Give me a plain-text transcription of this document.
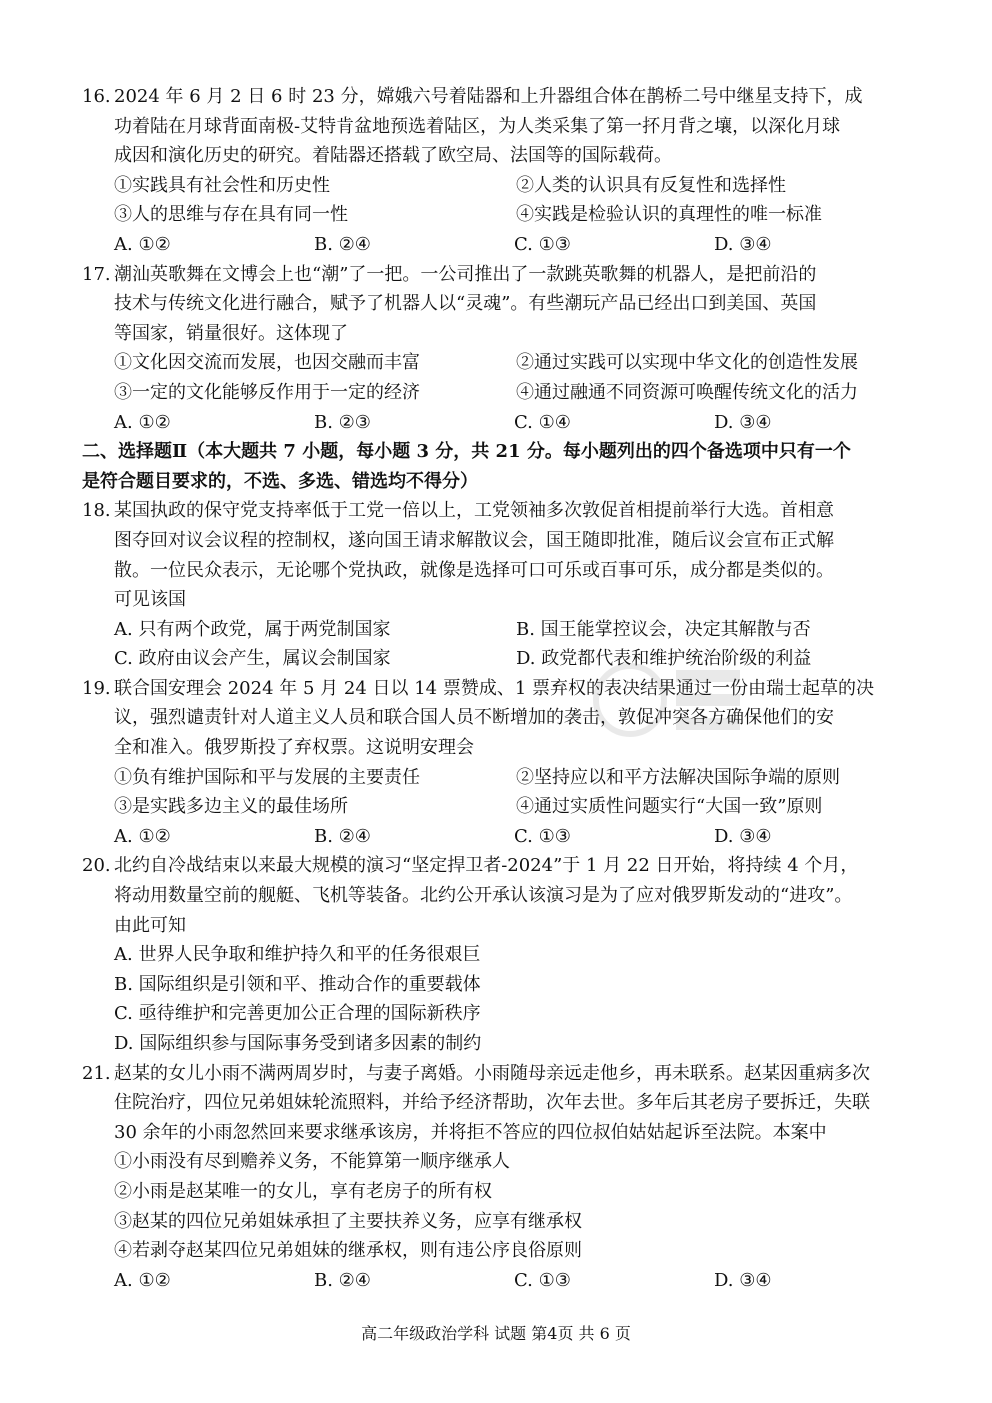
16. 2024 年 6 月 2 日 6 时 23 分，嫦娥六号着陆器和上升器组合体在鹊桥二号中继星支持下，成
功着陆在月球背面南极-艾特肯盆地预选着陆区，为人类采集了第一抔月背之壤，以深化月球
成因和演化历史的研究。着陆器还搭载了欧空局、法国等的国际载荷。
①实践具有社会性和历史性	②人类的认识具有反复性和选择性
③人的思维与存在具有同一性	④实践是检验认识的真理性的唯一标准
A. ①②	B. ②④	C. ①③	D. ③④
17. 潮汕英歌舞在文博会上也“潮”了一把。一公司推出了一款跳英歌舞的机器人，是把前沿的
技术与传统文化进行融合，赋予了机器人以“灵魂”。有些潮玩产品已经出口到美国、英国
等国家，销量很好。这体现了
①文化因交流而发展，也因交融而丰富	②通过实践可以实现中华文化的创造性发展
③一定的文化能够反作用于一定的经济	④通过融通不同资源可唤醒传统文化的活力
A. ①②	B. ②③	C. ①④	D. ③④
二、选择题Ⅱ（本大题共 7 小题，每小题 3 分，共 21 分。每小题列出的四个备选项中只有一个
是符合题目要求的，不选、多选、错选均不得分）
18. 某国执政的保守党支持率低于工党一倍以上，工党领袖多次敦促首相提前举行大选。首相意
图夺回对议会议程的控制权，遂向国王请求解散议会，国王随即批准，随后议会宣布正式解
散。一位民众表示，无论哪个党执政，就像是选择可口可乐或百事可乐，成分都是类似的。
可见该国
A. 只有两个政党，属于两党制国家	B. 国王能掌控议会，决定其解散与否
C. 政府由议会产生，属议会制国家	D. 政党都代表和维护统治阶级的利益
19. 联合国安理会 2024 年 5 月 24 日以 14 票赞成、1 票弃权的表决结果通过一份由瑞士起草的决
议，强烈谴责针对人道主义人员和联合国人员不断增加的袭击，敦促冲突各方确保他们的安
全和准入。俄罗斯投了弃权票。这说明安理会
①负有维护国际和平与发展的主要责任	②坚持应以和平方法解决国际争端的原则
③是实践多边主义的最佳场所	④通过实质性问题实行“大国一致”原则
A. ①②	B. ②④	C. ①③	D. ③④
20. 北约自冷战结束以来最大规模的演习“坚定捍卫者-2024”于 1 月 22 日开始，将持续 4 个月，
将动用数量空前的舰艇、飞机等装备。北约公开承认该演习是为了应对俄罗斯发动的“进攻”。
由此可知
A. 世界人民争取和维护持久和平的任务很艰巨
B. 国际组织是引领和平、推动合作的重要载体
C. 亟待维护和完善更加公正合理的国际新秩序
D. 国际组织参与国际事务受到诸多因素的制约
21. 赵某的女儿小雨不满两周岁时，与妻子离婚。小雨随母亲远走他乡，再未联系。赵某因重病多次
住院治疗，四位兄弟姐妹轮流照料，并给予经济帮助，次年去世。多年后其老房子要拆迁，失联
30 余年的小雨忽然回来要求继承该房，并将拒不答应的四位叔伯姑姑起诉至法院。本案中
①小雨没有尽到赡养义务，不能算第一顺序继承人
②小雨是赵某唯一的女儿，享有老房子的所有权
③赵某的四位兄弟姐妹承担了主要扶养义务，应享有继承权
④若剥夺赵某四位兄弟姐妹的继承权，则有违公序良俗原则
A. ①②	B. ②④	C. ①③	D. ③④
高二年级政治学科 试题 第4页 共 6 页
